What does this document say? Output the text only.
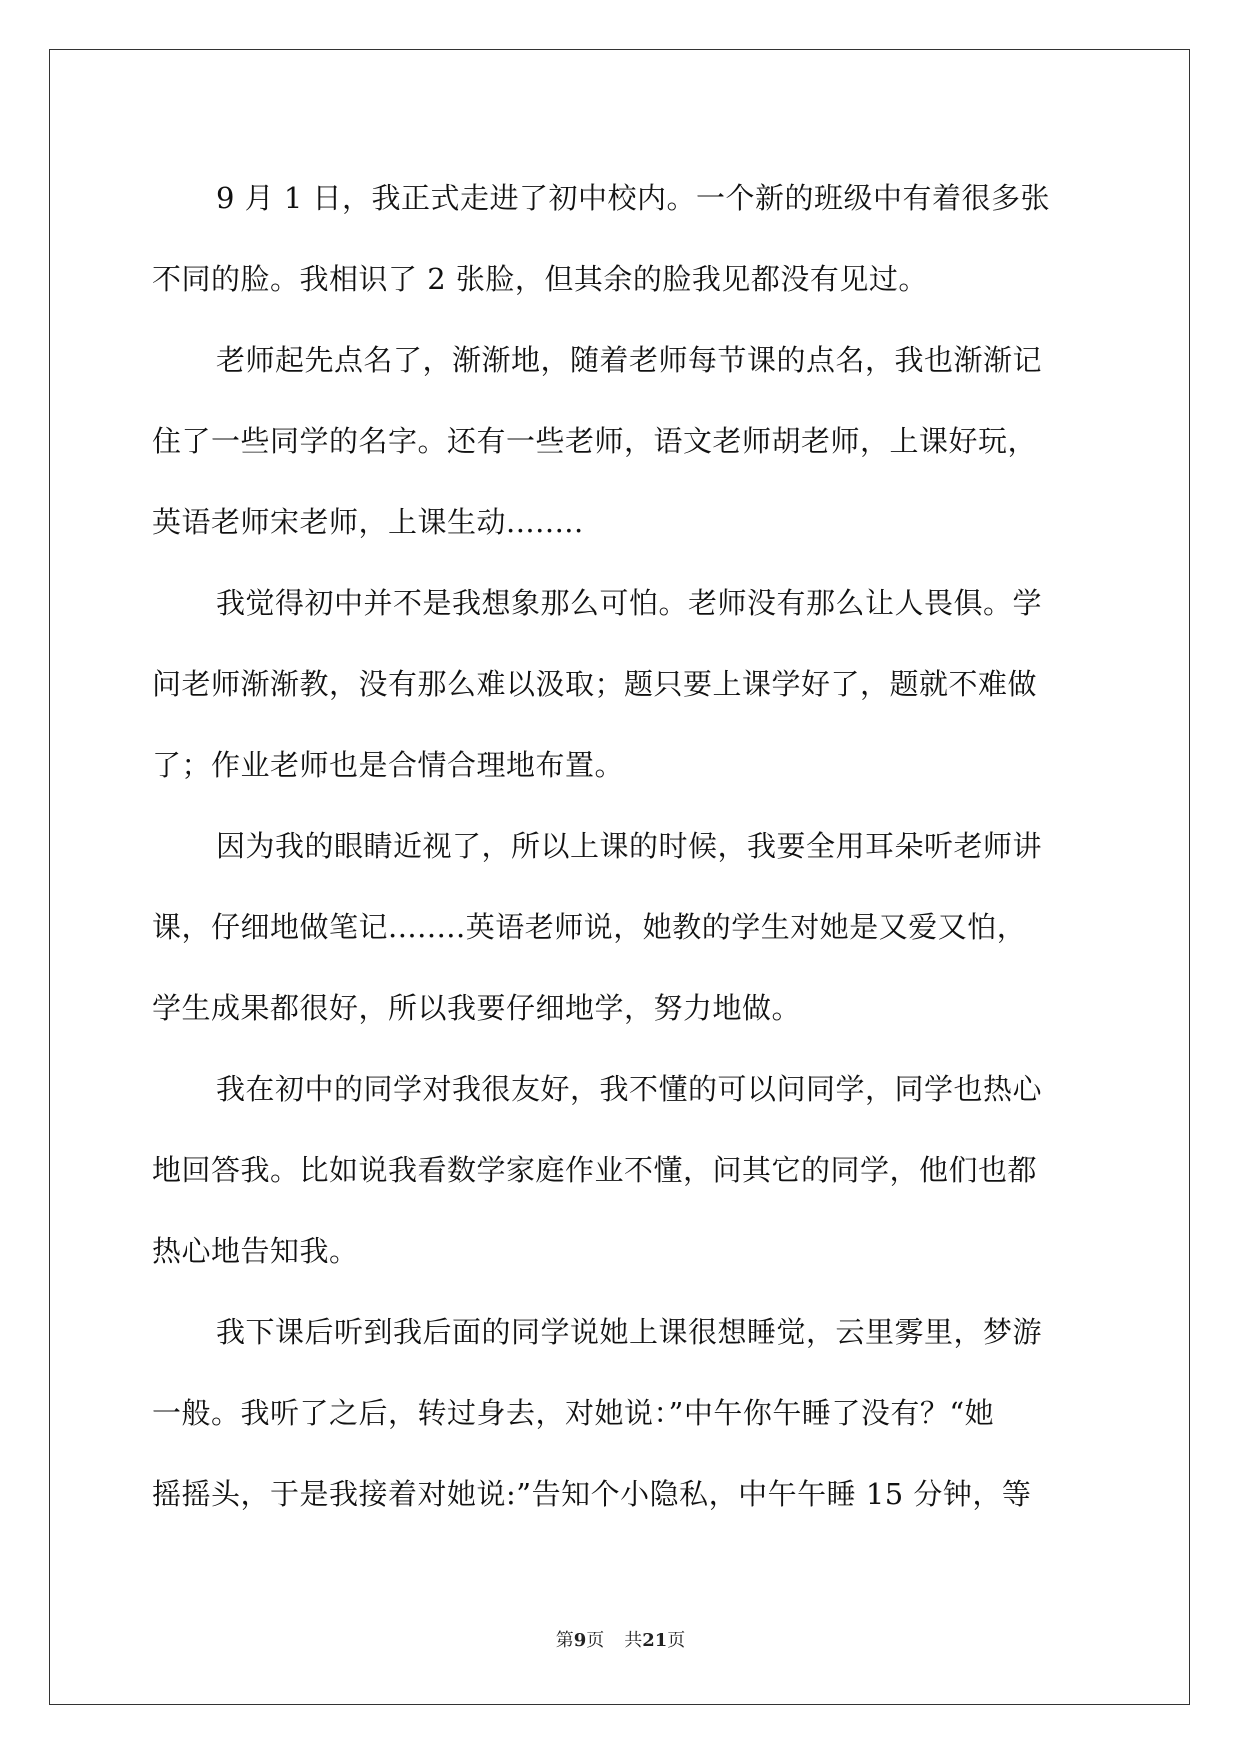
9 月 1 日，我正式走进了初中校内。一个新的班级中有着很多张
不同的脸。我相识了 2 张脸，但其余的脸我见都没有见过。
老师起先点名了，渐渐地，随着老师每节课的点名，我也渐渐记
住了一些同学的名字。还有一些老师，语文老师胡老师，上课好玩，
英语老师宋老师，上课生动........
我觉得初中并不是我想象那么可怕。老师没有那么让人畏俱。学
问老师渐渐教，没有那么难以汲取；题只要上课学好了，题就不难做
了；作业老师也是合情合理地布置。
因为我的眼睛近视了，所以上课的时候，我要全用耳朵听老师讲
课，仔细地做笔记........英语老师说，她教的学生对她是又爱又怕，
学生成果都很好，所以我要仔细地学，努力地做。
我在初中的同学对我很友好，我不懂的可以问同学，同学也热心
地回答我。比如说我看数学家庭作业不懂，问其它的同学，他们也都
热心地告知我。
我下课后听到我后面的同学说她上课很想睡觉，云里雾里，梦游
一般。我听了之后，转过身去，对她说：”中午你午睡了没有？“她
摇摇头，于是我接着对她说:”告知个小隐私，中午午睡 15 分钟，等
第9页 共21页
